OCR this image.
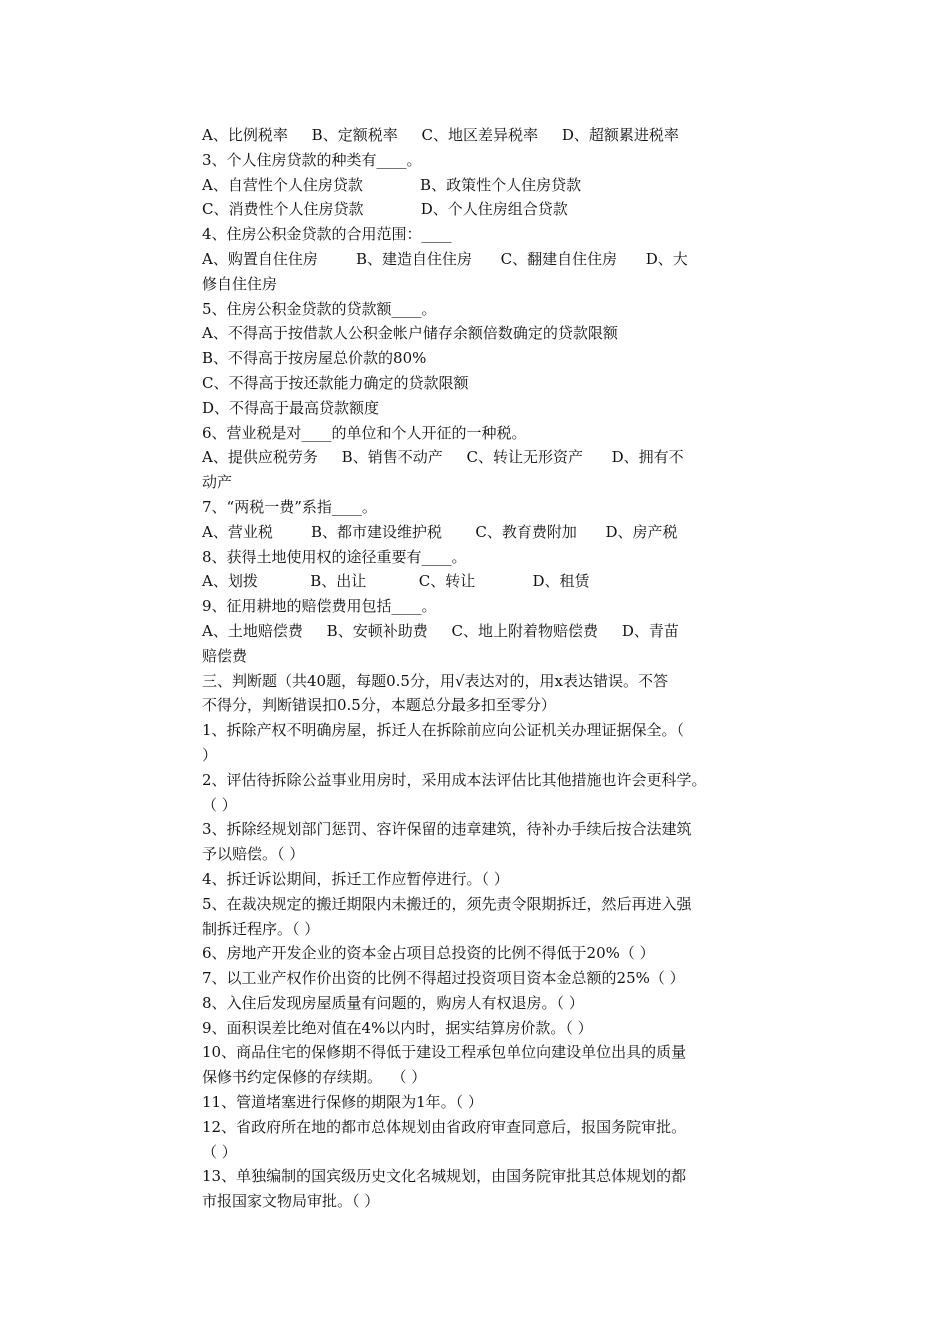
A、比例税率     B、定额税率     C、地区差异税率     D、超额累进税率
3、个人住房贷款的种类有____。
A、自营性个人住房贷款            B、政策性个人住房贷款
C、消费性个人住房贷款            D、个人住房组合贷款
4、住房公积金贷款的合用范围：____
A、购置自住住房        B、建造自住住房      C、翻建自住住房      D、大
修自住住房
5、住房公积金贷款的贷款额____。
A、不得高于按借款人公积金帐户储存余额倍数确定的贷款限额
B、不得高于按房屋总价款的80%
C、不得高于按还款能力确定的贷款限额
D、不得高于最高贷款额度
6、营业税是对____的单位和个人开征的一种税。
A、提供应税劳务     B、销售不动产     C、转让无形资产      D、拥有不
动产
7、“两税一费”系指____。
A、营业税        B、都市建设维护税       C、教育费附加      D、房产税
8、获得土地使用权的途径重要有____。
A、划拨           B、出让           C、转让            D、租赁
9、征用耕地的赔偿费用包括____。
A、土地赔偿费     B、安顿补助费     C、地上附着物赔偿费     D、青苗
赔偿费
三、判断题（共40题，每题0.5分，用√表达对的，用x表达错误。不答
不得分，判断错误扣0.5分，本题总分最多扣至零分）
1、拆除产权不明确房屋，拆迁人在拆除前应向公证机关办理证据保全。（
）
2、评估待拆除公益事业用房时，采用成本法评估比其他措施也许会更科学。
（ ）
3、拆除经规划部门惩罚、容许保留的违章建筑，待补办手续后按合法建筑
予以赔偿。（ ）
4、拆迁诉讼期间，拆迁工作应暂停进行。（ ）
5、在裁决规定的搬迁期限内未搬迁的，须先责令限期拆迁，然后再进入强
制拆迁程序。（ ）
6、房地产开发企业的资本金占项目总投资的比例不得低于20%（ ）
7、以工业产权作价出资的比例不得超过投资项目资本金总额的25%（ ）
8、入住后发现房屋质量有问题的，购房人有权退房。（ ）
9、面积误差比绝对值在4%以内时，据实结算房价款。（ ）
10、商品住宅的保修期不得低于建设工程承包单位向建设单位出具的质量
保修书约定保修的存续期。  （ ）
11、管道堵塞进行保修的期限为1年。（ ）
12、省政府所在地的都市总体规划由省政府审查同意后，报国务院审批。
（ ）
13、单独编制的国宾级历史文化名城规划，由国务院审批其总体规划的都
市报国家文物局审批。（ ）
